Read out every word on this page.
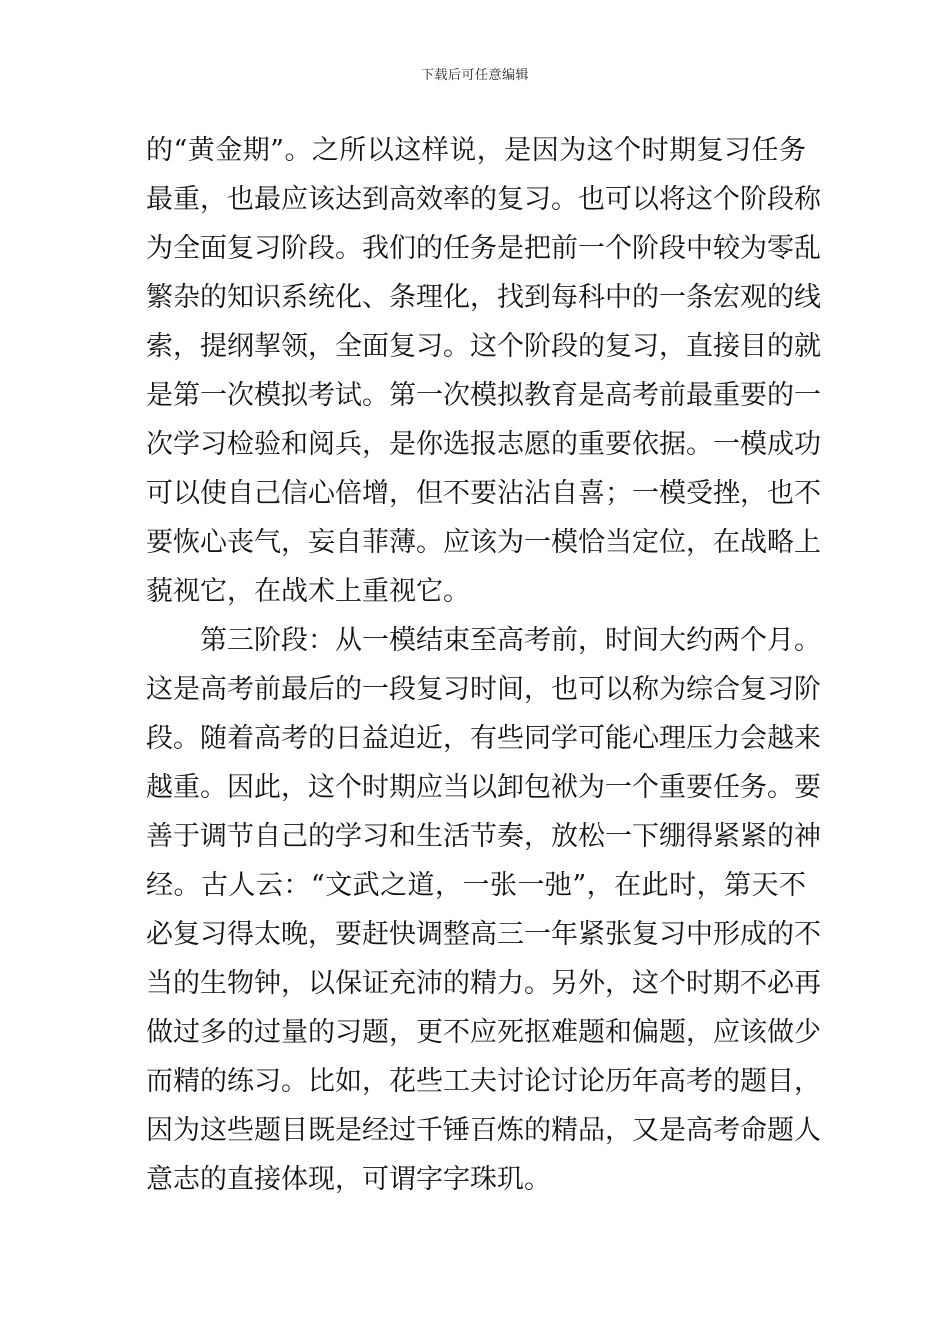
下载后可任意编辑
的“黄金期”。之所以这样说，是因为这个时期复习任务
最重，也最应该达到高效率的复习。也可以将这个阶段称
为全面复习阶段。我们的任务是把前一个阶段中较为零乱
繁杂的知识系统化、条理化，找到每科中的一条宏观的线
索，提纲挈领，全面复习。这个阶段的复习，直接目的就
是第一次模拟考试。第一次模拟教育是高考前最重要的一
次学习检验和阅兵，是你选报志愿的重要依据。一模成功
可以使自己信心倍增，但不要沾沾自喜；一模受挫，也不
要恢心丧气，妄自菲薄。应该为一模恰当定位，在战略上
藐视它，在战术上重视它。
第三阶段：从一模结束至高考前，时间大约两个月。
这是高考前最后的一段复习时间，也可以称为综合复习阶
段。随着高考的日益迫近，有些同学可能心理压力会越来
越重。因此，这个时期应当以卸包袱为一个重要任务。要
善于调节自己的学习和生活节奏，放松一下绷得紧紧的神
经。古人云：“文武之道，一张一弛”，在此时，第天不
必复习得太晚，要赶快调整高三一年紧张复习中形成的不
当的生物钟，以保证充沛的精力。另外，这个时期不必再
做过多的过量的习题，更不应死抠难题和偏题，应该做少
而精的练习。比如，花些工夫讨论讨论历年高考的题目，
因为这些题目既是经过千锤百炼的精品，又是高考命题人
意志的直接体现，可谓字字珠玑。
